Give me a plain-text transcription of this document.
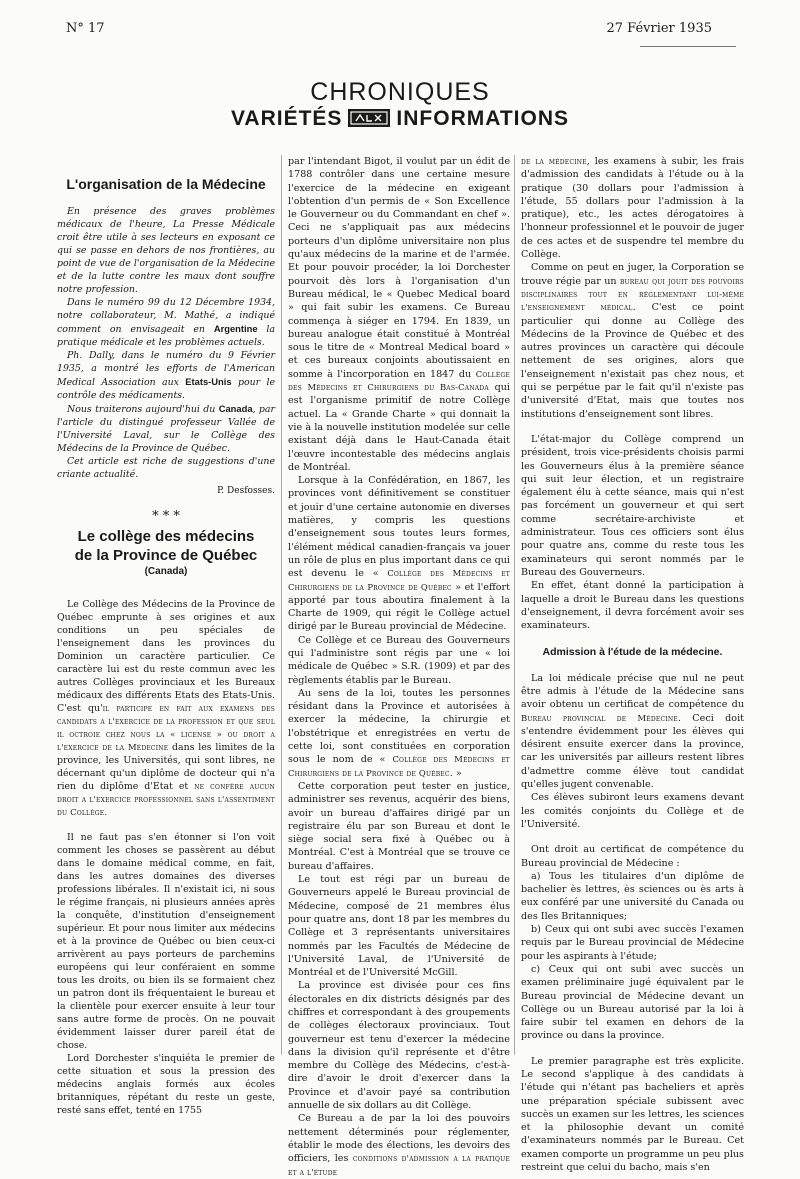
N° 17	27 Février 1935
CHRONIQUES
VARIÉTÉS	INFORMATIONS
L'organisation de la Médecine

En présence des graves problèmes médicaux de l'heure, La Presse Médicale croit être utile à ses lecteurs en exposant ce qui se passe en dehors de nos frontières, au point de vue de l'organisation de la Médecine et de la lutte contre les maux dont souffre notre profession.

Dans le numéro 99 du 12 Décembre 1934, notre collaborateur, M. Mathé, a indiqué comment on envisageait en Argentine la pratique médicale et les problèmes actuels.

Ph. Dally, dans le numéro du 9 Février 1935, a montré les efforts de l'American Medical Association aux Etats-Unis pour le contrôle des médicaments.

Nous traiterons aujourd'hui du Canada, par l'article du distingué professeur Vallée de l'Université Laval, sur le Collège des Médecins de la Province de Québec.

Cet article est riche de suggestions d'une criante actualité.

P. Desfosses.
* * *
Le collège des médecins
de la Province de Québec
(Canada)

Le Collège des Médecins de la Province de Québec emprunte à ses origines et aux conditions un peu spéciales de l'enseignement dans les provinces du Dominion un caractère particulier. Ce caractère lui est du reste commun avec les autres Collèges provinciaux et les Bureaux médicaux des différents Etats des Etats-Unis. C'est qu'il participe en fait aux examens des candidats a l'exercice de la profession et que seul il octroie chez nous la « license » ou droit a l'exercice de la Médecine dans les limites de la province, les Universités, qui sont libres, ne décernant qu'un diplôme de docteur qui n'a rien du diplôme d'Etat et ne confère aucun droit a l'exercice professionnel sans l'assentiment du Collège.

Il ne faut pas s'en étonner si l'on voit comment les choses se passèrent au début dans le domaine médical comme, en fait, dans les autres domaines des diverses professions libérales. Il n'existait ici, ni sous le régime français, ni plusieurs années après la conquête, d'institution d'enseignement supérieur. Et pour nous limiter aux médecins et à la province de Québec ou bien ceux-ci arrivèrent au pays porteurs de parchemins européens qui leur conféraient en somme tous les droits, ou bien ils se formaient chez un patron dont ils fréquentaient le bureau et la clientèle pour exercer ensuite à leur tour sans autre forme de procès. On ne pouvait évidemment laisser durer pareil état de chose.

Lord Dorchester s'inquiéta le premier de cette situation et sous la pression des médecins anglais formés aux écoles britanniques, répétant du reste un geste, resté sans effet, tenté en 1755

par l'intendant Bigot, il voulut par un édit de 1788 contrôler dans une certaine mesure l'exercice de la médecine en exigeant l'obtention d'un permis de « Son Excellence le Gouverneur ou du Commandant en chef ». Ceci ne s'appliquait pas aux médecins porteurs d'un diplôme universitaire non plus qu'aux médecins de la marine et de l'armée. Et pour pouvoir procéder, la loi Dorchester pourvoit dès lors à l'organisation d'un Bureau médical, le « Quebec Medical board » qui fait subir les examens. Ce Bureau commença à siéger en 1794. En 1839, un bureau analogue était constitué à Montréal sous le titre de « Montreal Medical board » et ces bureaux conjoints aboutissaient en somme à l'incorporation en 1847 du Collège des Médecins et Chirurgiens du Bas-Canada qui est l'organisme primitif de notre Collège actuel. La « Grande Charte » qui donnait la vie à la nouvelle institution modelée sur celle existant déjà dans le Haut-Canada était l'œuvre incontestable des médecins anglais de Montréal.

Lorsque à la Confédération, en 1867, les provinces vont définitivement se constituer et jouir d'une certaine autonomie en diverses matières, y compris les questions d'enseignement sous toutes leurs formes, l'élément médical canadien-français va jouer un rôle de plus en plus important dans ce qui est devenu le « Collège des Médecins et Chirurgiens de la Province de Québec » et l'effort apporté par tous aboutira finalement à la Charte de 1909, qui régit le Collège actuel dirigé par le Bureau provincial de Médecine.

Ce Collège et ce Bureau des Gouverneurs qui l'administre sont régis par une « loi médicale de Québec » S.R. (1909) et par des règlements établis par le Bureau.

Au sens de la loi, toutes les personnes résidant dans la Province et autorisées à exercer la médecine, la chirurgie et l'obstétrique et enregistrées en vertu de cette loi, sont constituées en corporation sous le nom de « Collège des Médecins et Chirurgiens de la Province de Québec. »

Cette corporation peut tester en justice, administrer ses revenus, acquérir des biens, avoir un bureau d'affaires dirigé par un registraire élu par son Bureau et dont le siège social sera fixé à Québec ou à Montréal. C'est à Montréal que se trouve ce bureau d'affaires.

Le tout est régi par un bureau de Gouverneurs appelé le Bureau provincial de Médecine, composé de 21 membres élus pour quatre ans, dont 18 par les membres du Collège et 3 représentants universitaires nommés par les Facultés de Médecine de l'Université Laval, de l'Université de Montréal et de l'Université McGill.

La province est divisée pour ces fins électorales en dix districts désignés par des chiffres et correspondant à des groupements de collèges électoraux provinciaux. Tout gouverneur est tenu d'exercer la médecine dans la division qu'il représente et d'être membre du Collège des Médecins, c'est-à-dire d'avoir le droit d'exercer dans la Province et d'avoir payé sa contribution annuelle de six dollars au dit Collège.

Ce Bureau a de par la loi des pouvoirs nettement déterminés pour réglementer, établir le mode des élections, les devoirs des officiers, les conditions d'admission a la pratique et a l'étude

de la médecine, les examens à subir, les frais d'admission des candidats à l'étude ou à la pratique (30 dollars pour l'admission à l'étude, 55 dollars pour l'admission à la pratique), etc., les actes dérogatoires à l'honneur professionnel et le pouvoir de juger de ces actes et de suspendre tel membre du Collège.

Comme on peut en juger, la Corporation se trouve régie par un bureau qui jouit des pouvoirs disciplinaires tout en réglementant lui-même l'enseignement médical. C'est ce point particulier qui donne au Collège des Médecins de la Province de Québec et des autres provinces un caractère qui découle nettement de ses origines, alors que l'enseignement n'existait pas chez nous, et qui se perpétue par le fait qu'il n'existe pas d'université d'Etat, mais que toutes nos institutions d'enseignement sont libres.

L'état-major du Collège comprend un président, trois vice-présidents choisis parmi les Gouverneurs élus à la première séance qui suit leur élection, et un registraire également élu à cette séance, mais qui n'est pas forcément un gouverneur et qui sert comme secrétaire-archiviste et administrateur. Tous ces officiers sont élus pour quatre ans, comme du reste tous les examinateurs qui seront nommés par le Bureau des Gouverneurs.

En effet, étant donné la participation à laquelle a droit le Bureau dans les questions d'enseignement, il devra forcément avoir ses examinateurs.

Admission à l'étude de la médecine.

La loi médicale précise que nul ne peut être admis à l'étude de la Médecine sans avoir obtenu un certificat de compétence du Bureau provincial de Médecine. Ceci doit s'entendre évidemment pour les élèves qui désirent ensuite exercer dans la province, car les universités par ailleurs restent libres d'admettre comme élève tout candidat qu'elles jugent convenable.

Ces élèves subiront leurs examens devant les comités conjoints du Collège et de l'Université.

Ont droit au certificat de compétence du Bureau provincial de Médecine :

a) Tous les titulaires d'un diplôme de bachelier ès lettres, ès sciences ou ès arts à eux conféré par une université du Canada ou des Iles Britanniques;

b) Ceux qui ont subi avec succès l'examen requis par le Bureau provincial de Médecine pour les aspirants à l'étude;

c) Ceux qui ont subi avec succès un examen préliminaire jugé équivalent par le Bureau provincial de Médecine devant un Collège ou un Bureau autorisé par la loi à faire subir tel examen en dehors de la province ou dans la province.

Le premier paragraphe est très explicite. Le second s'applique à des candidats à l'étude qui n'étant pas bacheliers et après une préparation spéciale subissent avec succès un examen sur les lettres, les sciences et la philosophie devant un comité d'examinateurs nommés par le Bureau. Cet examen comporte un programme un peu plus restreint que celui du bacho, mais s'en
